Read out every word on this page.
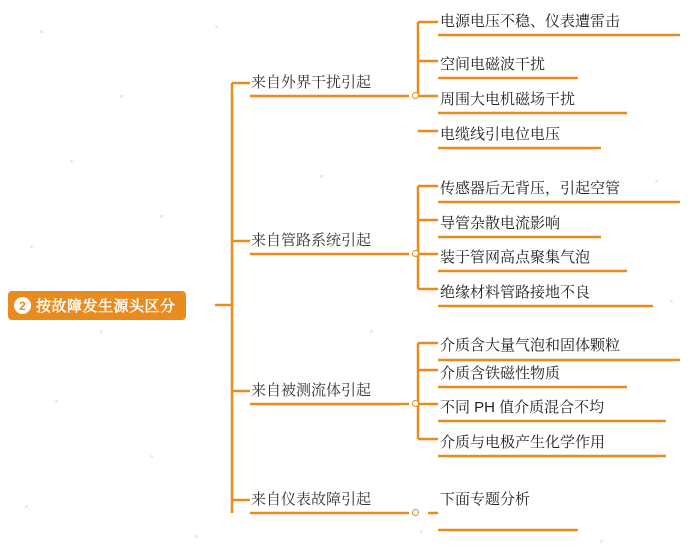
2 按故障发生源头区分
来自外界干扰引起
电源电压不稳、仪表遭雷击
空间电磁波干扰
周围大电机磁场干扰
电缆线引电位电压
来自管路系统引起
传感器后无背压，引起空管
导管杂散电流影响
装于管网高点聚集气泡
绝缘材料管路接地不良
来自被测流体引起
介质含大量气泡和固体颗粒
介质含铁磁性物质
不同 PH 值介质混合不均
介质与电极产生化学作用
来自仪表故障引起	下面专题分析
